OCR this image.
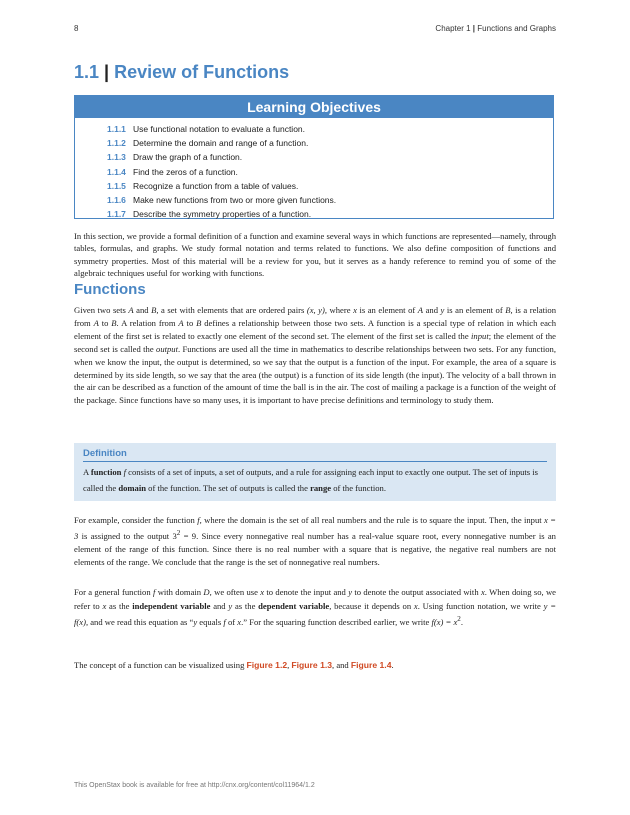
8	Chapter 1 | Functions and Graphs
1.1 | Review of Functions
Learning Objectives
1.1.1 Use functional notation to evaluate a function.
1.1.2 Determine the domain and range of a function.
1.1.3 Draw the graph of a function.
1.1.4 Find the zeros of a function.
1.1.5 Recognize a function from a table of values.
1.1.6 Make new functions from two or more given functions.
1.1.7 Describe the symmetry properties of a function.

In this section, we provide a formal definition of a function and examine several ways in which functions are represented—namely, through tables, formulas, and graphs. We study formal notation and terms related to functions. We also define composition of functions and symmetry properties. Most of this material will be a review for you, but it serves as a handy reference to remind you of some of the algebraic techniques useful for working with functions.

Functions

Given two sets A and B, a set with elements that are ordered pairs (x, y), where x is an element of A and y is an element of B, is a relation from A to B. A relation from A to B defines a relationship between those two sets. A function is a special type of relation in which each element of the first set is related to exactly one element of the second set. The element of the first set is called the input; the element of the second set is called the output. Functions are used all the time in mathematics to describe relationships between two sets. For any function, when we know the input, the output is determined, so we say that the output is a function of the input. For example, the area of a square is determined by its side length, so we say that the area (the output) is a function of its side length (the input). The velocity of a ball thrown in the air can be described as a function of the amount of time the ball is in the air. The cost of mailing a package is a function of the weight of the package. Since functions have so many uses, it is important to have precise definitions and terminology to study them.

Definition

A function f consists of a set of inputs, a set of outputs, and a rule for assigning each input to exactly one output. The set of inputs is called the domain of the function. The set of outputs is called the range of the function.

For example, consider the function f, where the domain is the set of all real numbers and the rule is to square the input. Then, the input x = 3 is assigned to the output $3^2 = 9$. Since every nonnegative real number has a real-value square root, every nonnegative number is an element of the range of this function. Since there is no real number with a square that is negative, the negative real numbers are not elements of the range. We conclude that the range is the set of nonnegative real numbers.

For a general function f with domain D, we often use x to denote the input and y to denote the output associated with x. When doing so, we refer to x as the independent variable and y as the dependent variable, because it depends on x. Using function notation, we write y = f(x), and we read this equation as “y equals f of x.” For the squaring function described earlier, we write $f(x) = x^2$.

The concept of a function can be visualized using Figure 1.2, Figure 1.3, and Figure 1.4.

This OpenStax book is available for free at http://cnx.org/content/col11964/1.2
